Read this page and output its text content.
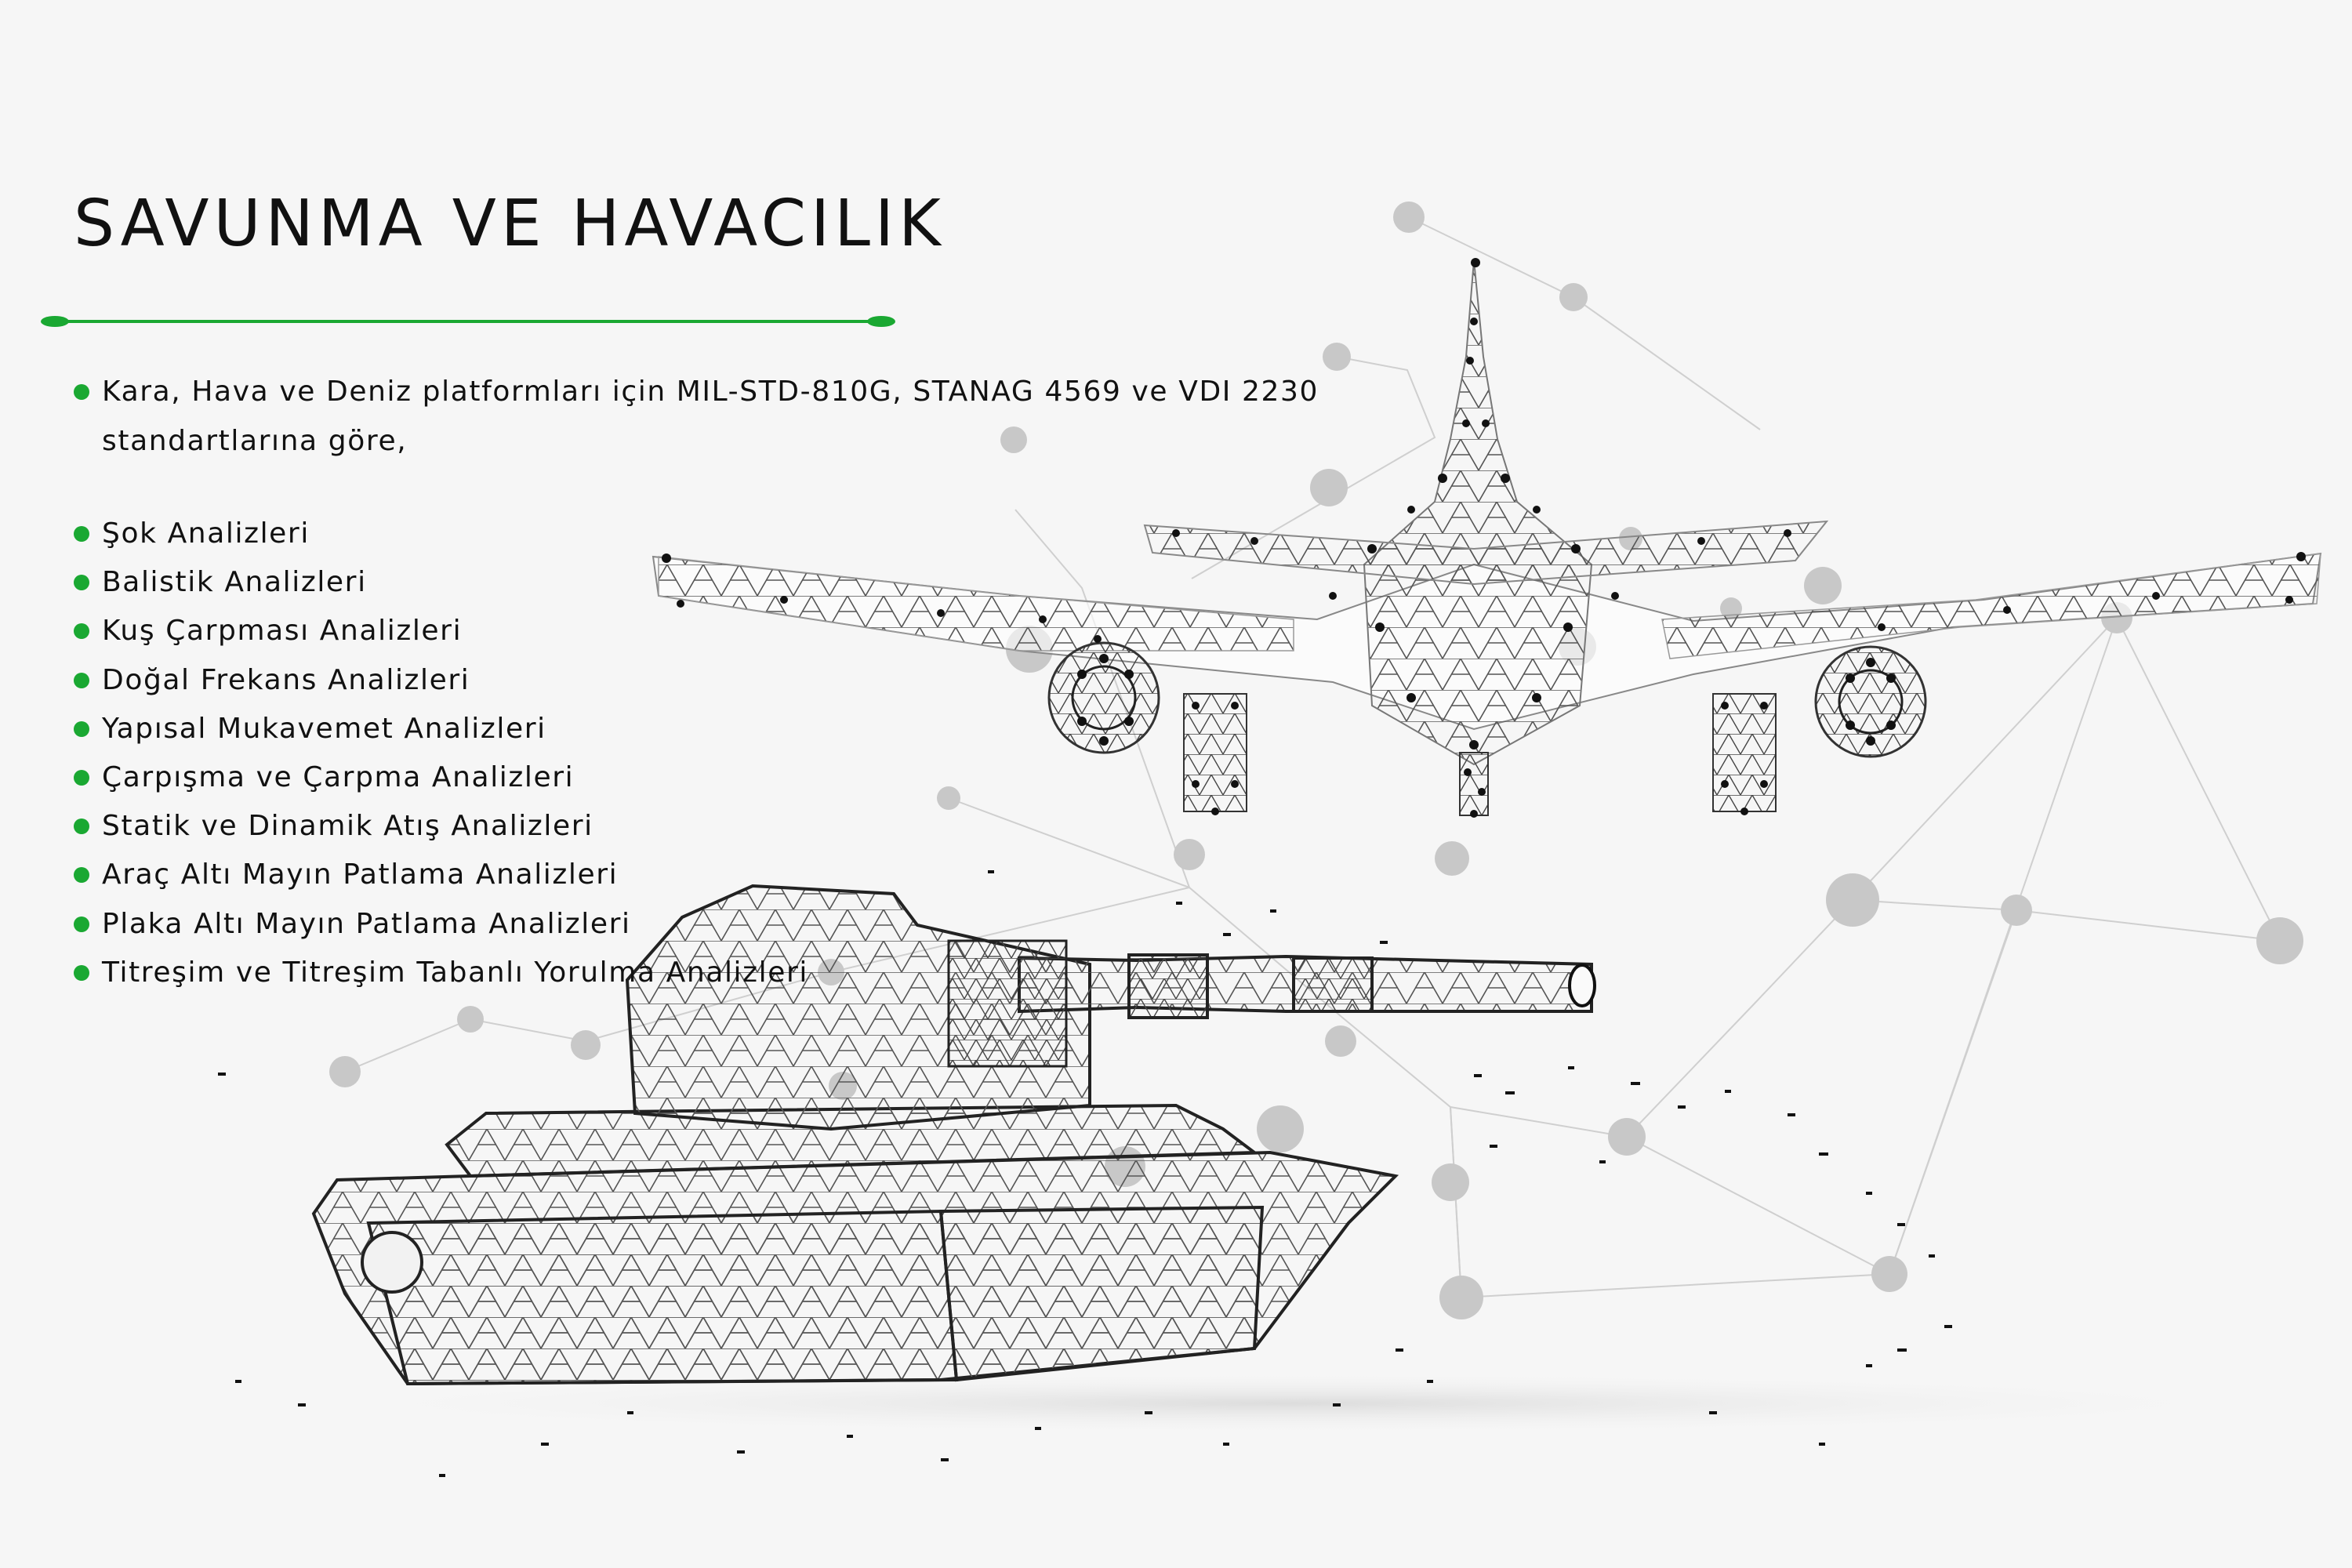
SAVUNMA VE HAVACILIK
Kara, Hava ve Deniz platformları için MIL-STD-810G, STANAG 4569 ve VDI 2230 standartlarına göre,
Şok Analizleri
Balistik Analizleri
Kuş Çarpması Analizleri
Doğal Frekans Analizleri
Yapısal Mukavemet Analizleri
Çarpışma ve Çarpma Analizleri
Statik ve Dinamik Atış Analizleri
Araç Altı Mayın Patlama Analizleri
Plaka Altı Mayın Patlama Analizleri
Titreşim ve Titreşim Tabanlı Yorulma Analizleri
